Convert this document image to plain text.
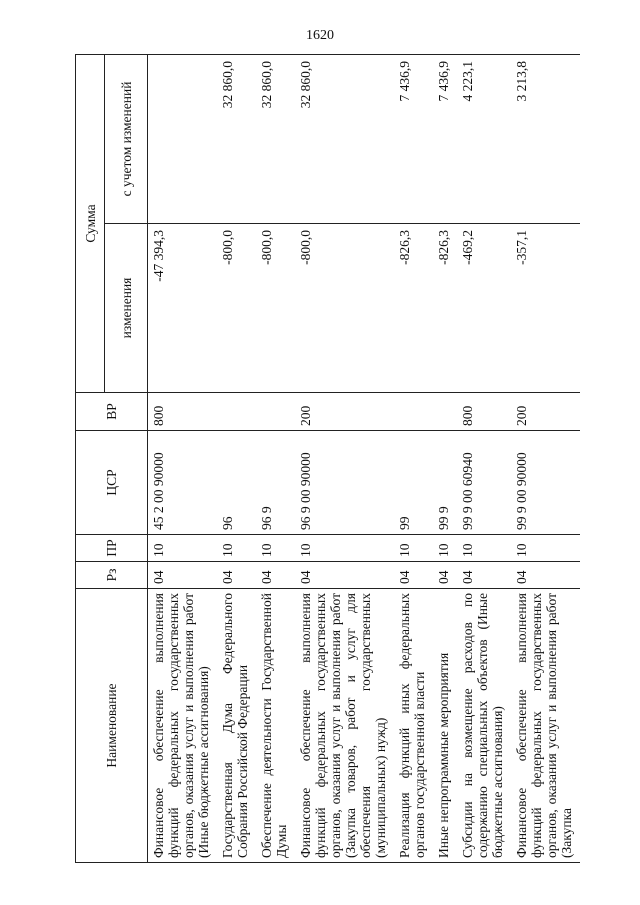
1620
Наименование	Рз	ПР	ЦСР	ВР	Сумма	
					изменения	с учетом изменений
Финансовое обеспечение выполнения функций федеральных государственных органов, оказания услуг и выполнения работ (Иные бюджетные ассигнования)	04	10	45 2 00 90000	800	-47 394,3	
Государственная Дума Федерального Собрания Российской Федерации	04	10	96		-800,0	32 860,0
Обеспечение деятельности Государственной Думы	04	10	96 9		-800,0	32 860,0
Финансовое обеспечение выполнения функций федеральных государственных органов, оказания услуг и выполнения работ (Закупка товаров, работ и услуг для обеспечения государственных (муниципальных) нужд)	04	10	96 9 00 90000	200	-800,0	32 860,0
Реализация функций иных федеральных органов государственной власти	04	10	99		-826,3	7 436,9
Иные непрограммные мероприятия	04	10	99 9		-826,3	7 436,9
Субсидии на возмещение расходов по содержанию специальных объектов (Иные бюджетные ассигнования)	04	10	99 9 00 60940	800	-469,2	4 223,1
Финансовое обеспечение выполнения функций федеральных государственных органов, оказания услуг и выполнения работ (Закупка	04	10	99 9 00 90000	200	-357,1	3 213,8
